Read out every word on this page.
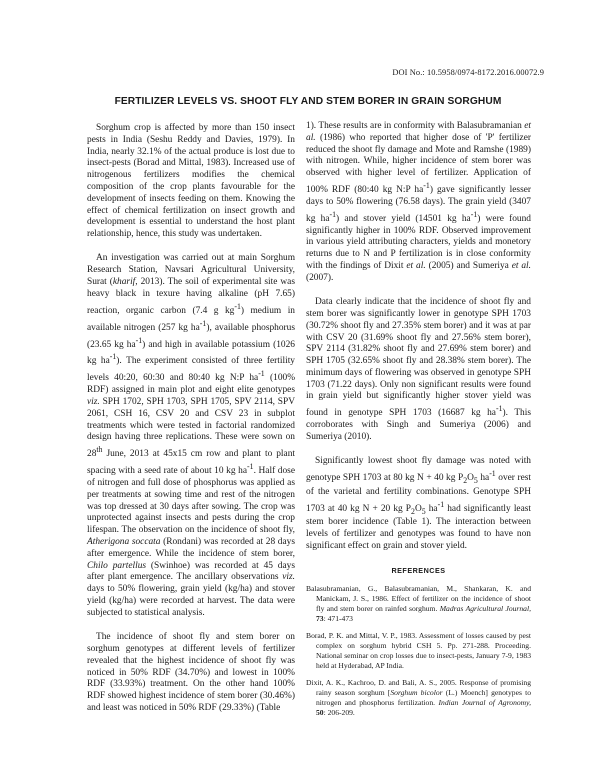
DOI No.: 10.5958/0974-8172.2016.00072.9
FERTILIZER LEVELS VS. SHOOT FLY AND STEM BORER IN GRAIN SORGHUM

Sorghum crop is affected by more than 150 insect pests in India (Seshu Reddy and Davies, 1979). In India, nearly 32.1% of the actual produce is lost due to insect-pests (Borad and Mittal, 1983). Increased use of nitrogenous fertilizers modifies the chemical composition of the crop plants favourable for the development of insects feeding on them. Knowing the effect of chemical fertilization on insect growth and development is essential to understand the host plant relationship, hence, this study was undertaken.

An investigation was carried out at main Sorghum Research Station, Navsari Agricultural University, Surat (kharif, 2013). The soil of experimental site was heavy black in texure having alkaline (pH 7.65) reaction, organic carbon (7.4 g $kg^{-1}$) medium in available nitrogen (257 kg $ha^{-1}$), available phosphorus (23.65 kg $ha^{-1}$) and high in available potassium (1026 kg $ha^{-1}$). The experiment consisted of three fertility levels 40:20, 60:30 and 80:40 kg N:P $ha^{-1}$ (100% RDF) assigned in main plot and eight elite genotypes viz. SPH 1702, SPH 1703, SPH 1705, SPV 2114, SPV 2061, CSH 16, CSV 20 and CSV 23 in subplot treatments which were tested in factorial randomized design having three replications. These were sown on 28th June, 2013 at 45x15 cm row and plant to plant spacing with a seed rate of about 10 kg $ha^{-1}$. Half dose of nitrogen and full dose of phosphorus was applied as per treatments at sowing time and rest of the nitrogen was top dressed at 30 days after sowing. The crop was unprotected against insects and pests during the crop lifespan. The observation on the incidence of shoot fly, Atherigona soccata (Rondani) was recorded at 28 days after emergence. While the incidence of stem borer, Chilo partellus (Swinhoe) was recorded at 45 days after plant emergence. The ancillary observations viz. days to 50% flowering, grain yield (kg/ha) and stover yield (kg/ha) were recorded at harvest. The data were subjected to statistical analysis.

The incidence of shoot fly and stem borer on sorghum genotypes at different levels of fertilizer revealed that the highest incidence of shoot fly was noticed in 50% RDF (34.70%) and lowest in 100% RDF (33.93%) treatment. On the other hand 100% RDF showed highest incidence of stem borer (30.46%) and least was noticed in 50% RDF (29.33%) (Table

1). These results are in conformity with Balasubramanian et al. (1986) who reported that higher dose of 'P' fertilizer reduced the shoot fly damage and Mote and Ramshe (1989) with nitrogen. While, higher incidence of stem borer was observed with higher level of fertilizer. Application of 100% RDF (80:40 kg N:P $ha^{-1}$) gave significantly lesser days to 50% flowering (76.58 days). The grain yield (3407 kg $ha^{-1}$) and stover yield (14501 kg $ha^{-1}$) were found significantly higher in 100% RDF. Observed improvement in various yield attributing characters, yields and monetory returns due to N and P fertilization is in close conformity with the findings of Dixit et al. (2005) and Sumeriya et al. (2007).

Data clearly indicate that the incidence of shoot fly and stem borer was significantly lower in genotype SPH 1703 (30.72% shoot fly and 27.35% stem borer) and it was at par with CSV 20 (31.69% shoot fly and 27.56% stem borer), SPV 2114 (31.82% shoot fly and 27.69% stem borer) and SPH 1705 (32.65% shoot fly and 28.38% stem borer). The minimum days of flowering was observed in genotype SPH 1703 (71.22 days). Only non significant results were found in grain yield but significantly higher stover yield was found in genotype SPH 1703 (16687 kg $ha^{-1}$). This corroborates with Singh and Sumeriya (2006) and Sumeriya (2010).

Significantly lowest shoot fly damage was noted with genotype SPH 1703 at 80 kg N + 40 kg $P_2O_5$ $ha^{-1}$ over rest of the varietal and fertility combinations. Genotype SPH 1703 at 40 kg N + 20 kg $P_2O_5$ $ha^{-1}$ had significantly least stem borer incidence (Table 1). The interaction between levels of fertilizer and genotypes was found to have non significant effect on grain and stover yield.

REFERENCES
Balasubramanian, G., Balasubramanian, M., Shankaran, K. and Manickam, J. S., 1986. Effect of fertilizer on the incidence of shoot fly and stem borer on rainfed sorghum. Madras Agricultural Journal, 73: 471-473
Borad, P. K. and Mittal, V. P., 1983. Assessment of losses caused by pest complex on sorghum hybrid CSH 5. Pp. 271-288. Proceeding. National seminar on crop losses due to insect-pests, January 7-9, 1983 held at Hyderabad, AP India.
Dixit, A. K., Kachroo, D. and Bali, A. S., 2005. Response of promising rainy season sorghum [Sorghum bicolor (L.) Moench] genotypes to nitrogen and phosphorus fertilization. Indian Journal of Agronomy, 50: 206-209.
